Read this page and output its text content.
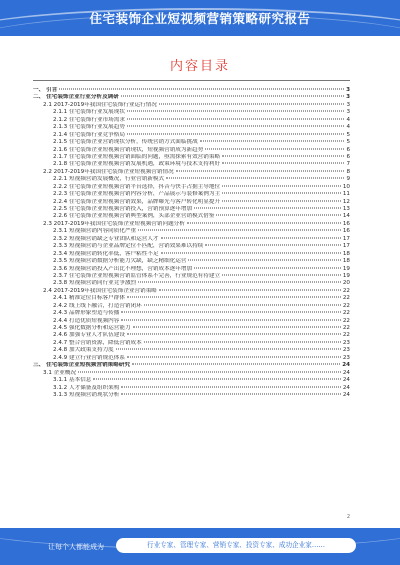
住宅装饰企业短视频营销策略研究报告
内容目录
一、 引言	3
二、 住宅装饰企业行业分析及调研	3
2.1 2017-2019年我国住宅装饰行业运行情况	3
2.1.1 住宅装饰行业发展现状	3
2.1.2 住宅装饰行业市场需求	4
2.1.3 住宅装饰行业发展趋势	4
2.1.4 住宅装饰行业竞争格局	5
2.1.5 住宅装饰企业营销现状分析，传统营销方式面临挑战	5
2.1.6 住宅装饰企业短视频营销现状，短视频营销成为新趋势	6
2.1.7 住宅装饰企业短视频营销面临的问题，亟需探索有效营销策略	6
2.1.8 住宅装饰企业短视频营销发展机遇，政策环境与技术支持利好	7
2.2 2017-2019年我国住宅装饰企业短视频营销情况	8
2.2.1 短视频营销发展概况，行业营销新模式	9
2.2.2 住宅装饰企业短视频营销平台选择，抖音与快手占据主导地位	10
2.2.3 住宅装饰企业短视频营销内容分析，产品展示与装修案例为主	11
2.2.4 住宅装饰企业短视频营销效果，品牌曝光与客户转化明显提升	12
2.2.5 住宅装饰企业短视频营销投入，营销预算逐年增加	13
2.2.6 住宅装饰企业短视频营销典型案例，头部企业营销模式借鉴	14
2.3 2017-2019年我国住宅装饰企业短视频营销问题分析	16
2.3.1 短视频营销内容同质化严重	16
2.3.2 短视频营销缺乏专业团队和运营人才	17
2.3.3 短视频营销与企业品牌定位不匹配，营销效果难以持续	17
2.3.4 短视频营销转化率低，客户粘性不足	18
2.3.5 短视频营销数据分析能力欠缺，缺乏精细化运营	18
2.3.6 短视频营销投入产出比不理想，营销成本逐年增加	19
2.3.7 住宅装饰企业短视频营销监管体系不完善，行业规范有待建立	19
2.3.8 短视频营销同行业竞争激烈	20
2.4 2017-2019年我国住宅装饰企业营销策略	22
2.4.1 精准定位目标客户群体	22
2.4.2 线上线下融合，打造营销闭环	22
2.4.3 品牌形象塑造与传播	22
2.4.4 打造优质短视频内容	22
2.4.5 强化数据分析和运营能力	22
2.4.6 加强专业人才队伍建设	22
2.4.7 整合营销资源，降低营销成本	23
2.4.8 加大政策支持力度	23
2.4.9 建立行业营销规范体系	23
三、 住宅装饰企业短视频营销策略研究	24
3.1 企业概况	24
3.1.1 基本信息	24
3.1.2 人才储备及组织架构	24
3.1.3 短视频营销现状分析	24
2
让每个人都能成为	行业专家、管理专家、营销专家、投资专家、成功企业家……
